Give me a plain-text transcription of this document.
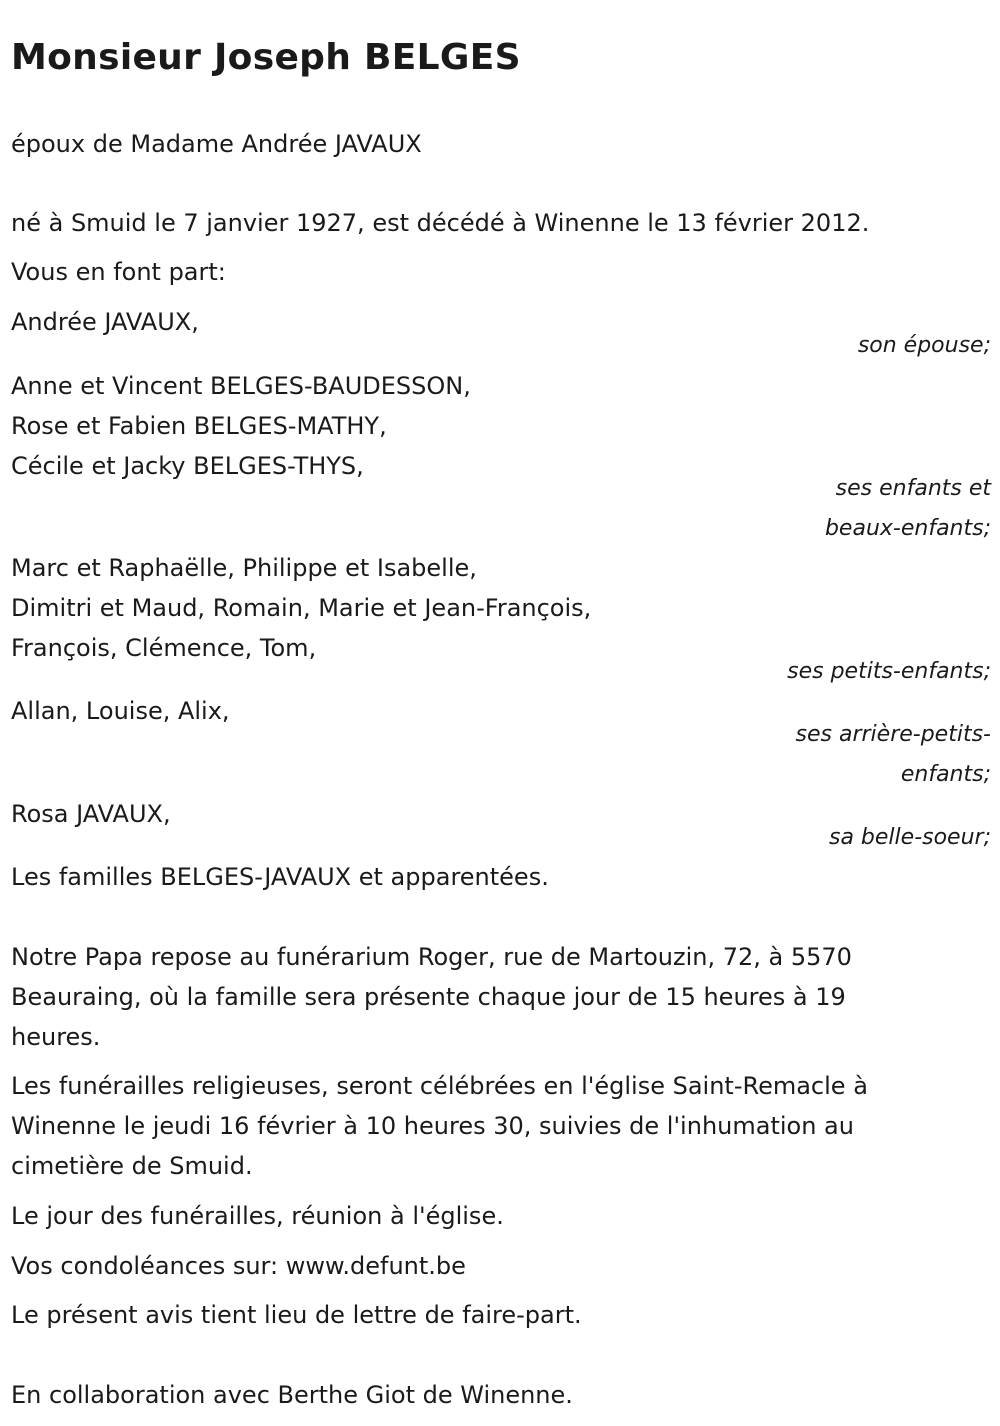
Monsieur Joseph BELGES
époux de Madame Andrée JAVAUX
né à Smuid le 7 janvier 1927, est décédé à Winenne le 13 février 2012.
Vous en font part:
Andrée JAVAUX,
son épouse;
Anne et Vincent BELGES-BAUDESSON,
Rose et Fabien BELGES-MATHY,
Cécile et Jacky BELGES-THYS,
ses enfants et
beaux-enfants;
Marc et Raphaëlle, Philippe et Isabelle,
Dimitri et Maud, Romain, Marie et Jean-François,
François, Clémence, Tom,
ses petits-enfants;
Allan, Louise, Alix,
ses arrière-petits-
enfants;
Rosa JAVAUX,
sa belle-soeur;
Les familles BELGES-JAVAUX et apparentées.
Notre Papa repose au funérarium Roger, rue de Martouzin, 72, à 5570
Beauraing, où la famille sera présente chaque jour de 15 heures à 19
heures.
Les funérailles religieuses, seront célébrées en l'église Saint-Remacle à
Winenne le jeudi 16 février à 10 heures 30, suivies de l'inhumation au
cimetière de Smuid.
Le jour des funérailles, réunion à l'église.
Vos condoléances sur: www.defunt.be
Le présent avis tient lieu de lettre de faire-part.
En collaboration avec Berthe Giot de Winenne.
